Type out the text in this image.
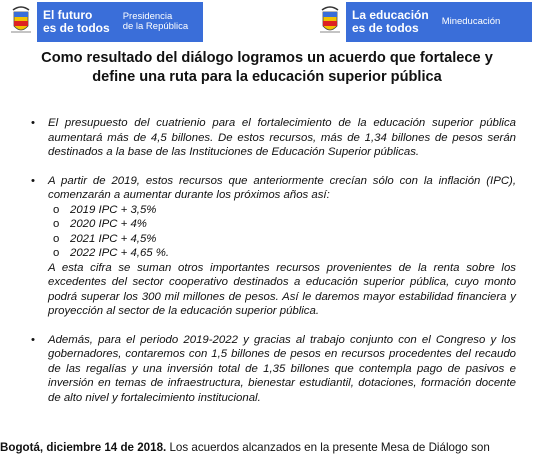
El futuro
es de todos
Presidencia
de la República
La educación
es de todos	Mineducación
Como resultado del diálogo logramos un acuerdo que fortalece y
define una ruta para la educación superior pública
• El presupuesto del cuatrienio para el fortalecimiento de la educación superior pública aumentará más de 4,5 billones. De estos recursos, más de 1,34 billones de pesos serán destinados a la base de las Instituciones de Educación Superior públicas.
• A partir de 2019, estos recursos que anteriormente crecían sólo con la inflación (IPC), comenzarán a aumentar durante los próximos años así:
o 2019 IPC + 3,5%
o 2020 IPC + 4%
o 2021 IPC + 4,5%
o 2022 IPC + 4,65 %.
A esta cifra se suman otros importantes recursos provenientes de la renta sobre los excedentes del sector cooperativo destinados a educación superior pública, cuyo monto podrá superar los 300 mil millones de pesos. Así le daremos mayor estabilidad financiera y proyección al sector de la educación superior pública.
• Además, para el periodo 2019-2022 y gracias al trabajo conjunto con el Congreso y los gobernadores, contaremos con 1,5 billones de pesos en recursos procedentes del recaudo de las regalías y una inversión total de 1,35 billones que contempla pago de pasivos e inversión en temas de infraestructura, bienestar estudiantil, dotaciones, formación docente de alto nivel y fortalecimiento institucional.
Bogotá, diciembre 14 de 2018. Los acuerdos alcanzados en la presente Mesa de Diálogo son
